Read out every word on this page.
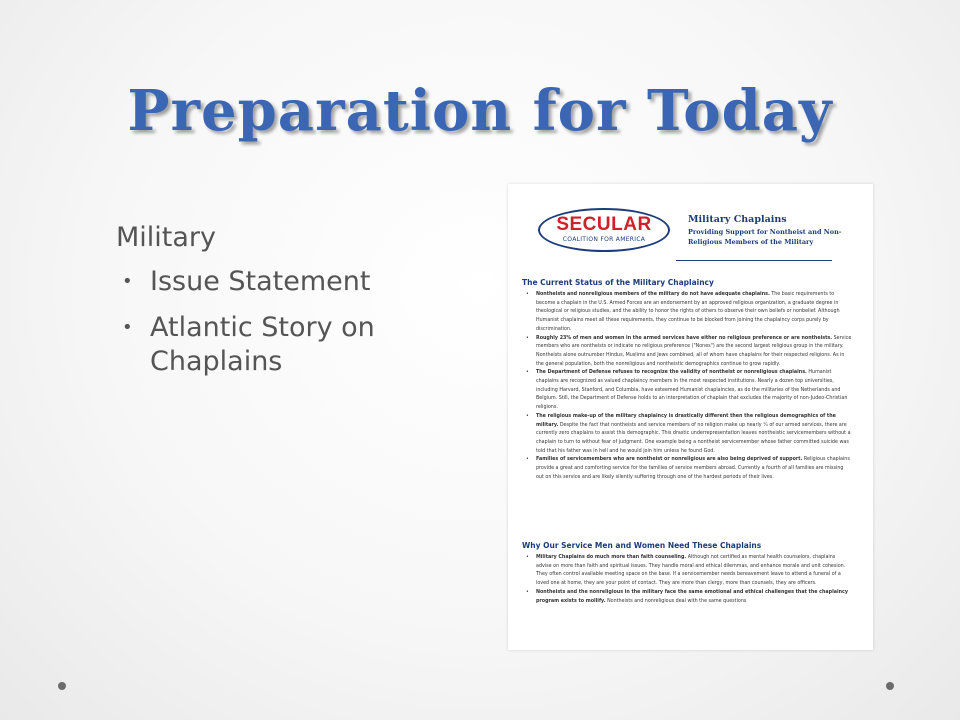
Preparation for Today
Military
• Issue Statement
• Atlantic Story on Chaplains
SECULAR
COALITION FOR AMERICA
Military Chaplains
Providing Support for Nontheist and Non-Religious Members of the Military
The Current Status of the Military Chaplaincy
• Nontheists and nonreligious members of the military do not have adequate chaplains. The basic requirements to become a chaplain in the U.S. Armed Forces are an endorsement by an approved religious organization, a graduate degree in theological or religious studies, and the ability to honor the rights of others to observe their own beliefs or nonbelief. Although Humanist chaplains meet all these requirements, they continue to be blocked from joining the chaplaincy corps purely by discrimination.
• Roughly 23% of men and women in the armed services have either no religious preference or are nontheists. Service members who are nontheists or indicate no religious preference ("Nones") are the second largest religious group in the military. Nontheists alone outnumber Hindus, Muslims and Jews combined, all of whom have chaplains for their respected religions. As in the general population, both the nonreligious and nontheistic demographics continue to grow rapidly.
• The Department of Defense refuses to recognize the validity of nontheist or nonreligious chaplains. Humanist chaplains are recognized as valued chaplaincy members in the most respected institutions. Nearly a dozen top universities, including Harvard, Stanford, and Columbia, have esteemed Humanist chaplaincies, as do the militaries of the Netherlands and Belgium. Still, the Department of Defense holds to an interpretation of chaplain that excludes the majority of non-Judeo-Christian religions.
• The religious make-up of the military chaplaincy is drastically different then the religious demographics of the military. Despite the fact that nontheists and service members of no religion make up nearly ¼ of our armed services, there are currently zero chaplains to assist this demographic. This drastic underrepresentation leaves nontheistic servicemembers without a chaplain to turn to without fear of judgment. One example being a nontheist servicemember whose father committed suicide was told that his father was in hell and he would join him unless he found God.
• Families of servicemembers who are nontheist or nonreligious are also being deprived of support. Religious chaplains provide a great and comforting service for the families of service members abroad. Currently a fourth of all families are missing out on this service and are likely silently suffering through one of the hardest periods of their lives.
Why Our Service Men and Women Need These Chaplains
• Military Chaplains do much more than faith counseling. Although not certified as mental health counselors, chaplains advise on more than faith and spiritual issues. They handle moral and ethical dilemmas, and enhance morale and unit cohesion. They often control available meeting space on the base. If a servicemember needs bereavement leave to attend a funeral of a loved one at home, they are your point of contact. They are more than clergy, more than counsels, they are officers.
• Nontheists and the nonreligious in the military face the same emotional and ethical challenges that the chaplaincy program exists to mollify. Nontheists and nonreligious deal with the same questions
